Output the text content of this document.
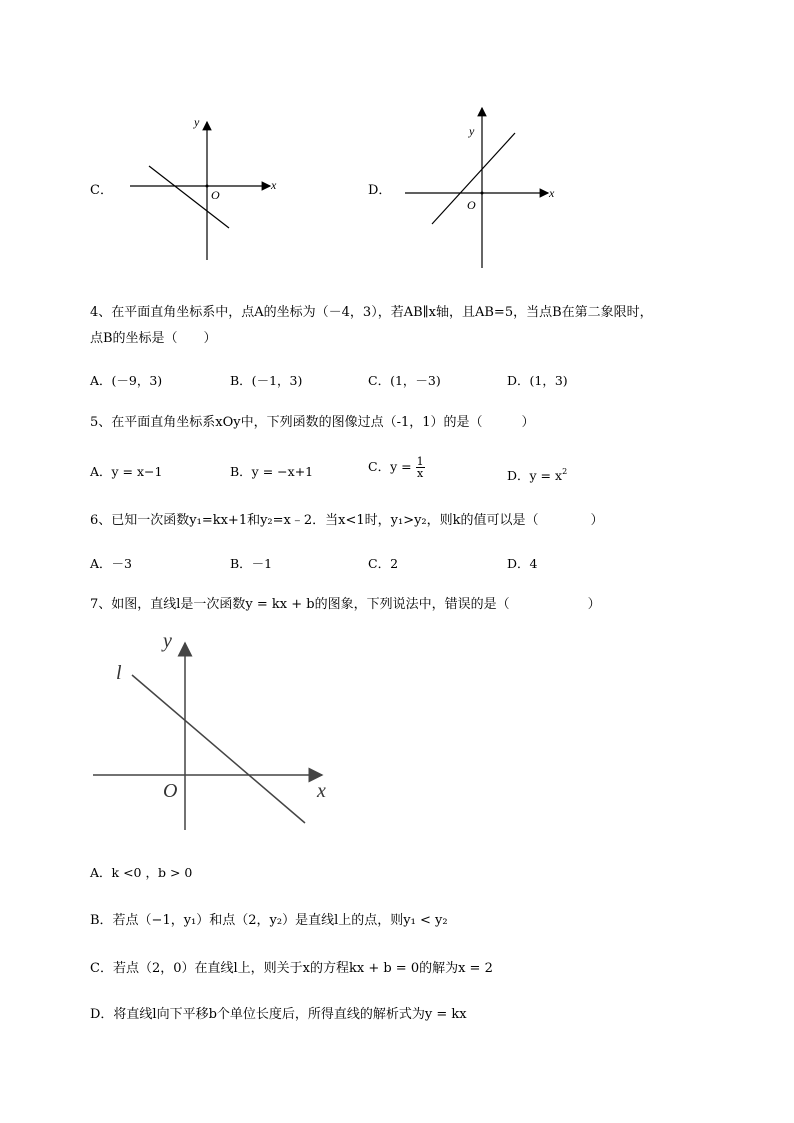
C．
y
x
O	D．
y
x
O
4、在平面直角坐标系中，点A的坐标为（－4，3），若AB∥x轴，且AB=5，当点B在第二象限时，
点B的坐标是（　　）
A．(－9，3)	B．(－1，3)	C．(1，－3)	D．(1，3)
5、在平面直角坐标系xOy中，下列函数的图像过点（-1，1）的是（　　　）
A．y = x−1	B．y = −x+1	C．$y = \frac{1}{x}$	D．$y = x^2$
6、已知一次函数y₁=kx+1和y₂=x﹣2．当x<1时，y₁>y₂，则k的值可以是（　　　　）
A．－3	B．－1	C．2	D．4
7、如图，直线l是一次函数y = kx + b的图象，下列说法中，错误的是（　　　　　　）
y
l
O	x
A．k <0 ，b > 0
B．若点（−1，y₁）和点（2，y₂）是直线l上的点，则y₁ < y₂
C．若点（2，0）在直线l上，则关于x的方程kx + b = 0的解为x = 2
D．将直线l向下平移b个单位长度后，所得直线的解析式为y = kx
